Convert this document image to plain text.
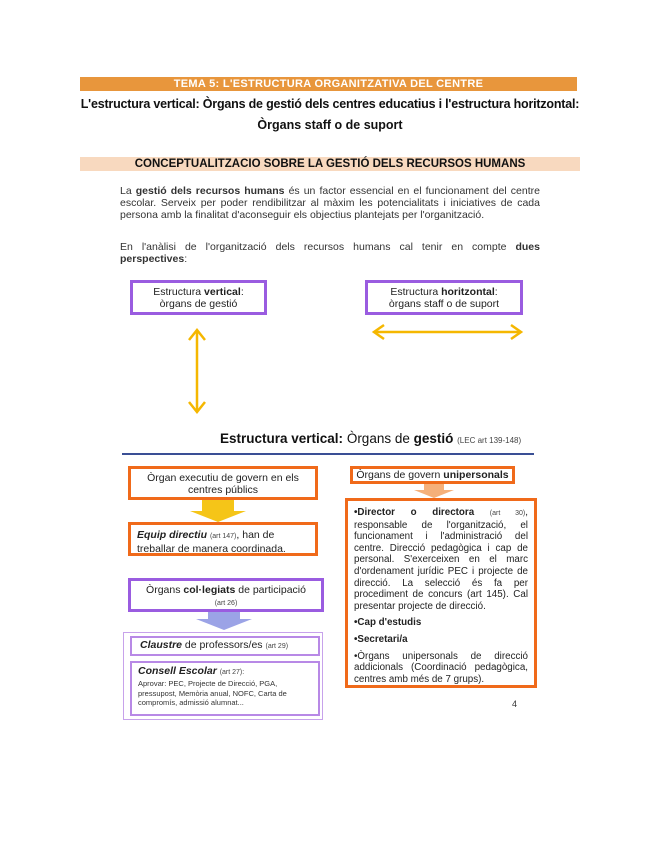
TEMA 5: L'ESTRUCTURA ORGANITZATIVA DEL CENTRE
L'estructura vertical: Òrgans de gestió dels centres educatius i l'estructura horitzontal:
Òrgans staff o de suport
CONCEPTUALITZACIO SOBRE LA GESTIÓ DELS RECURSOS HUMANS
La gestió dels recursos humans és un factor essencial en el funcionament del centre escolar. Serveix per poder rendibilitzar al màxim les potencialitats i iniciatives de cada persona amb la finalitat d'aconseguir els objectius plantejats per l'organització.
En l'anàlisi de l'organització dels recursos humans cal tenir en compte dues perspectives:
Estructura vertical:
òrgans de gestió
Estructura horitzontal:
òrgans staff o de suport
Estructura vertical: Òrgans de gestió (LEC art 139-148)
Òrgan executiu de govern en els centres públics
Equip directiu (art 147), han de treballar de manera coordinada.
Òrgans col·legiats de participació
(art 26)
Claustre de professors/es (art 29)
Consell Escolar (art 27):

Aprovar: PEC, Projecte de Direcció, PGA, pressupost, Memòria anual, NOFC, Carta de compromís, admissió alumnat...
Òrgans de govern unipersonals

•Director o directora (art 30), responsable de l'organització, el funcionament i l'administració del centre. Direcció pedagògica i cap de personal. S'exerceixen en el marc d'ordenament jurídic PEC i projecte de direcció. La selecció és fa per procediment de concurs (art 145). Cal presentar projecte de direcció.

•Cap d'estudis

•Secretari/a

•Òrgans unipersonals de direcció addicionals (Coordinació pedagògica, centres amb més de 7 grups).

4
